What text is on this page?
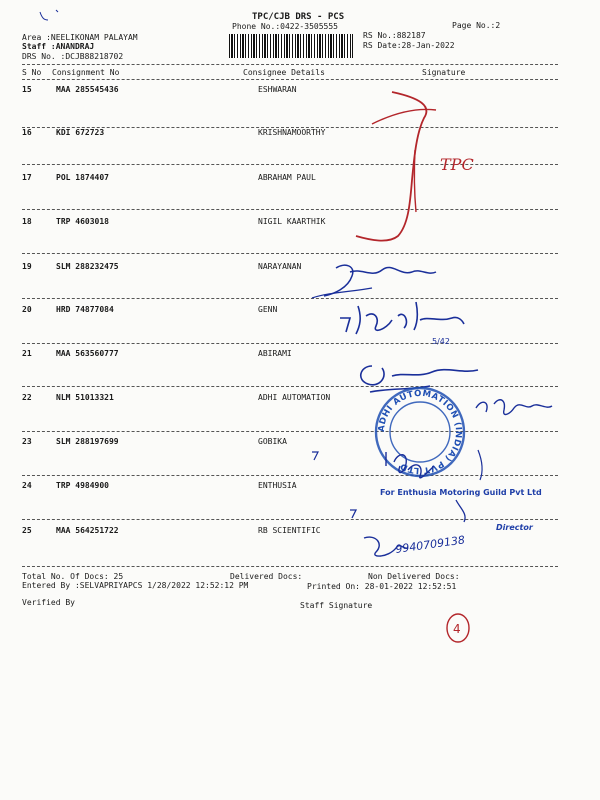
TPC/CJB DRS - PCS
Phone No.:0422-3505555	Page No.:2
Area :NEELIKONAM PALAYAM
Staff :ANANDRAJ
DRS No. :DCJB88218702
RS No.:882187
RS Date:28-Jan-2022
S No Consignment No	Consignee Details	Signature
15	MAA 285545436	ESHWARAN
16	KDI 672723	KRISHNAMOORTHY
17	POL 1874407	ABRAHAM PAUL
18	TRP 4603018	NIGIL KAARTHIK
19	SLM 288232475	NARAYANAN
20	HRD 74877084	GENN
21	MAA 563560777	ABIRAMI
22	NLM 51013321	ADHI AUTOMATION
23	SLM 288197699	GOBIKA
24	TRP 4984900	ENTHUSIA
25	MAA 564251722	RB SCIENTIFIC
Total No. Of Docs: 25	Delivered Docs:	Non Delivered Docs:
Entered By :SELVAPRIYAPCS 1/28/2022 12:52:12 PM	Printed On: 28-01-2022 12:52:51
Verified By	Staff Signature
TPC
5/42
ADHI AUTOMATION (INDIA) PVT LTD
For Enthusia Motoring Guild Pvt Ltd
9940709138
Director
4
